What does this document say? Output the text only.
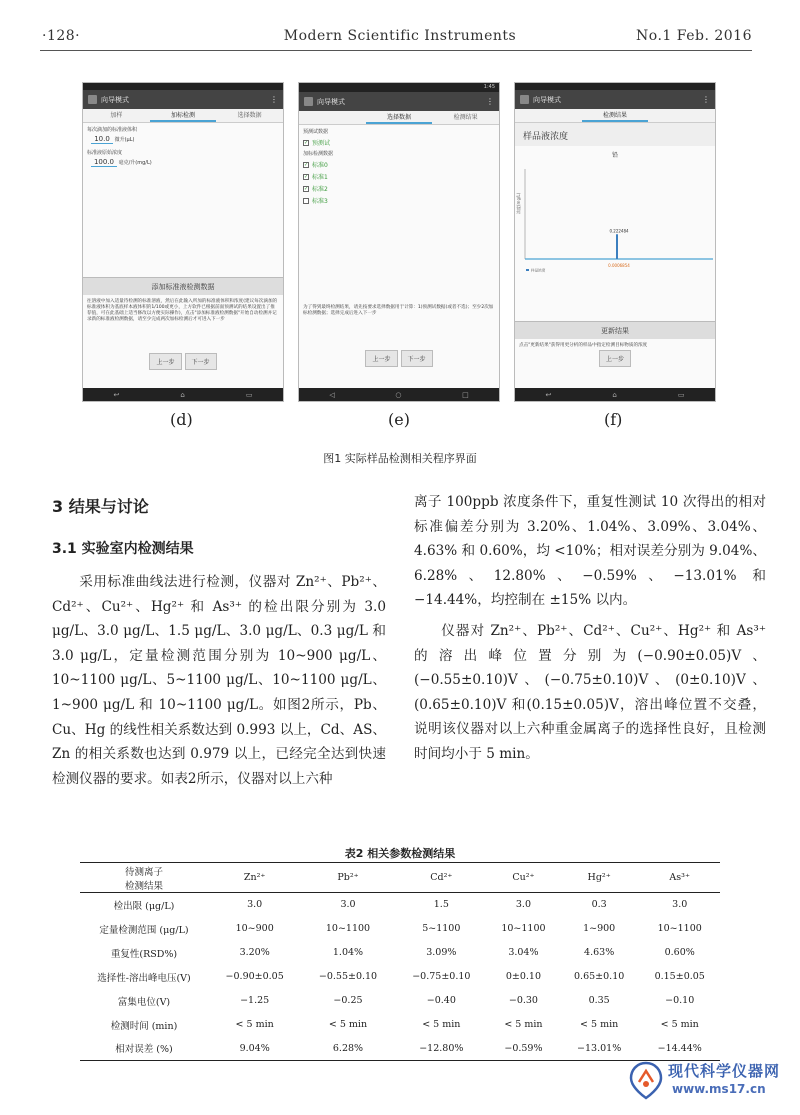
·128·	Modern Scientific Instruments	No.1 Feb. 2016
向导模式	⋮
加样	加标检测	选择数据
每次滴加的标准液体积
10.0 微升(μL)
标准液原始浓度
100.0 毫克/升(mg/L)
添加标准液检测数据
往溶液中加入适量待检测的标准溶液，然后在此输入所加的标准液体积和浓度(建议每次滴加的标准液体积为基底样本液体积的1/100或更小，上方软件已根据前面预测试的结果设置出了推荐值，可在此基础上适当修改以方便实际操作)，点击"添加标准液检测数据"开始自动检测并记录新的标准液检测数据，请至少完成两次加标检测后才可进入下一步
上一步	下一步
↩	⌂	▭
1:45
向导模式	⋮
选择数据	检测结果
预测试数据
✓ 预测试
加标检测数据
✓ 标准0
✓ 标准1
✓ 标准2
标准3
为了得到最终检测结果，请先按要求选择数据用于计算：1)预测试数据(或者不选)；至少2次加标检测数据；选择完成后进入下一步
上一步	下一步
◁	○	□
向导模式	⋮
检测结果
样品液浓度
铅
浓度(mg/L)
0.222484
0.0006854
样品浓度
更新结果
点击"更新结果"获得用更分析的样品中指定检测目标物质的浓度
上一步
↩	⌂	▭
(d)	(e)	(f)
图1 实际样品检测相关程序界面
3 结果与讨论
3.1 实验室内检测结果

采用标准曲线法进行检测，仪器对 Zn²⁺、Pb²⁺、Cd²⁺、Cu²⁺、Hg²⁺ 和 As³⁺ 的检出限分别为 3.0 μg/L、3.0 μg/L、1.5 μg/L、3.0 μg/L、0.3 μg/L 和 3.0 μg/L，定量检测范围分别为 10~900 μg/L、10~1100 μg/L、5~1100 μg/L、10~1100 μg/L、1~900 μg/L 和 10~1100 μg/L。如图2所示，Pb、Cu、Hg 的线性相关系数达到 0.993 以上，Cd、AS、Zn 的相关系数也达到 0.979 以上，已经完全达到快速检测仪器的要求。如表2所示，仪器对以上六种

离子 100ppb 浓度条件下，重复性测试 10 次得出的相对标准偏差分别为 3.20%、1.04%、3.09%、3.04%、4.63% 和 0.60%，均 <10%；相对误差分别为 9.04%、6.28%、12.80%、−0.59%、−13.01% 和 −14.44%，均控制在 ±15% 以内。

仪器对 Zn²⁺、Pb²⁺、Cd²⁺、Cu²⁺、Hg²⁺ 和 As³⁺ 的溶出峰位置分别为(−0.90±0.05)V、(−0.55±0.10)V、(−0.75±0.10)V、(0±0.10)V、(0.65±0.10)V 和(0.15±0.05)V，溶出峰位置不交叠，说明该仪器对以上六种重金属离子的选择性良好，且检测时间均小于 5 min。

表2 相关参数检测结果
待测离子
检测结果	Zn²⁺	Pb²⁺	Cd²⁺	Cu²⁺	Hg²⁺	As³⁺
检出限 (μg/L)	3.0	3.0	1.5	3.0	0.3	3.0
定量检测范围 (μg/L)	10~900	10~1100	5~1100	10~1100	1~900	10~1100
重复性(RSD%)	3.20%	1.04%	3.09%	3.04%	4.63%	0.60%
选择性-溶出峰电压(V)	−0.90±0.05	−0.55±0.10	−0.75±0.10	0±0.10	0.65±0.10	0.15±0.05
富集电位(V)	−1.25	−0.25	−0.40	−0.30	0.35	−0.10
检测时间 (min)	< 5 min	< 5 min	< 5 min	< 5 min	< 5 min	< 5 min
相对误差 (%)	9.04%	6.28%	−12.80%	−0.59%	−13.01%	−14.44%
现代科学仪器网
www.ms17.cn
